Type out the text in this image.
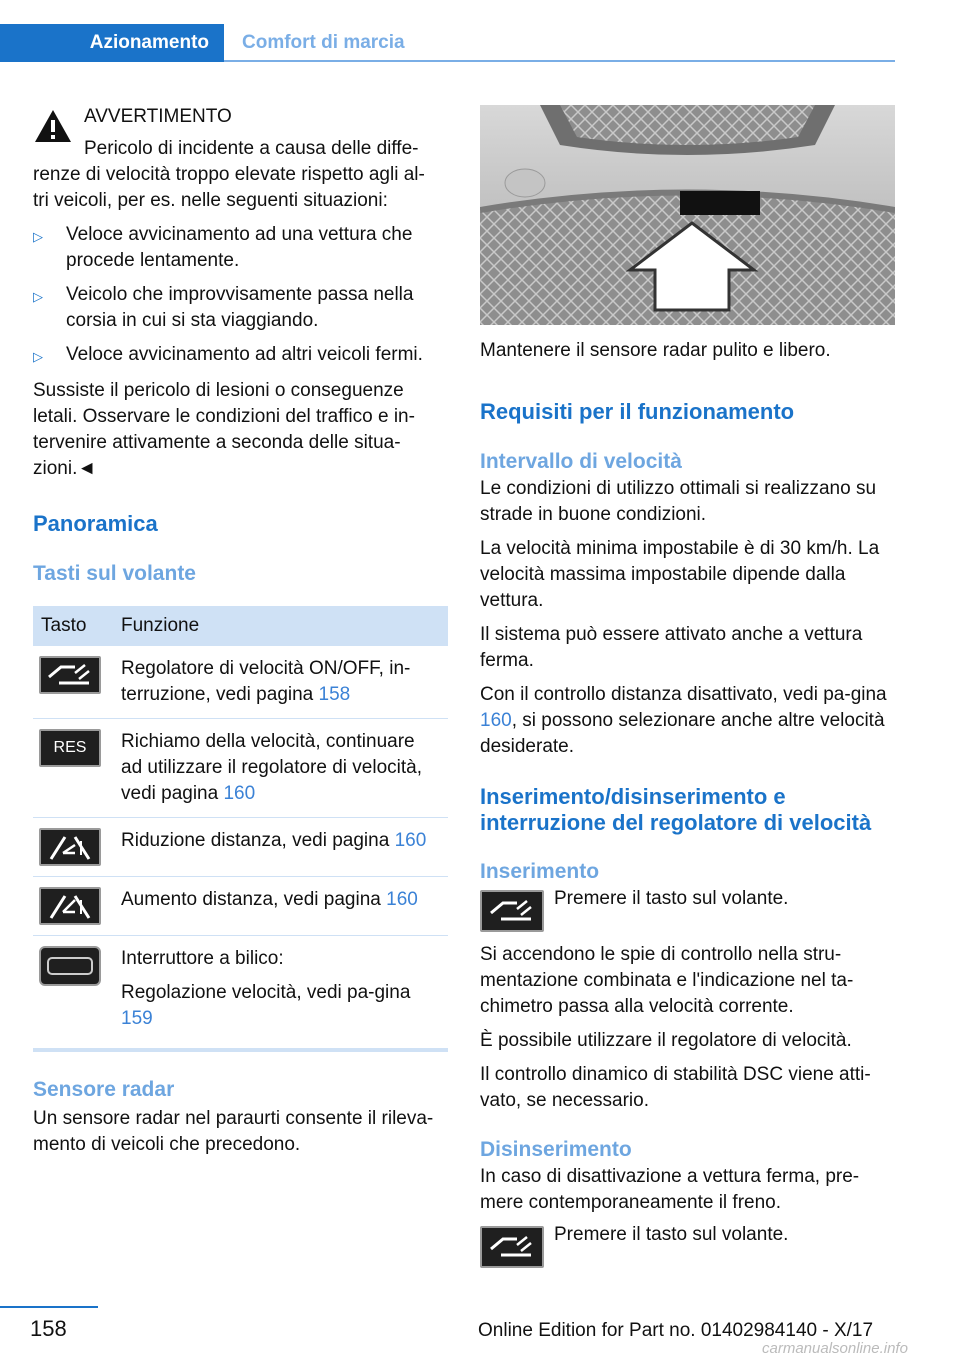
Azionamento Comfort di marcia

AVVERTIMENTO

Pericolo di incidente a causa delle diffe-

renze di velocità troppo elevate rispetto agli al-

tri veicoli, per es. nelle seguenti situazioni:

▷	Veloce avvicinamento ad una vettura che procede lentamente.
▷	Veicolo che improvvisamente passa nella corsia in cui si sta viaggiando.
▷	Veloce avvicinamento ad altri veicoli fermi.

Sussiste il pericolo di lesioni o conseguenze letali. Osservare le condizioni del traffico e in-tervenire attivamente a seconda delle situa-zioni.◄

Panoramica

Tasti sul volante

Tasto	Funzione

	Regolatore di velocità ON/OFF, in-terruzione, vedi pagina 158

RES	Richiamo della velocità, continuare ad utilizzare il regolatore di velocità, vedi pagina 160

	Riduzione distanza, vedi pagina 160

	Aumento distanza, vedi pagina 160

Interruttore a bilico:
Regolazione velocità, vedi pa-gina 159

Sensore radar

Un sensore radar nel paraurti consente il rileva-mento di veicoli che precedono.

Mantenere il sensore radar pulito e libero.

Requisiti per il funzionamento

Intervallo di velocità

Le condizioni di utilizzo ottimali si realizzano su strade in buone condizioni.

La velocità minima impostabile è di 30 km/h. La velocità massima impostabile dipende dalla vettura.

Il sistema può essere attivato anche a vettura ferma.

Con il controllo distanza disattivato, vedi pa-gina 160, si possono selezionare anche altre velocità desiderate.

Inserimento/disinserimento e interruzione del regolatore di velocità

Inserimento

Premere il tasto sul volante.

Si accendono le spie di controllo nella stru-mentazione combinata e l'indicazione nel ta-chimetro passa alla velocità corrente.

È possibile utilizzare il regolatore di velocità.

Il controllo dinamico di stabilità DSC viene atti-vato, se necessario.

Disinserimento

In caso di disattivazione a vettura ferma, pre-mere contemporaneamente il freno.

Premere il tasto sul volante.

158	Online Edition for Part no. 01402984140 - X/17
carmanualsonline.info
